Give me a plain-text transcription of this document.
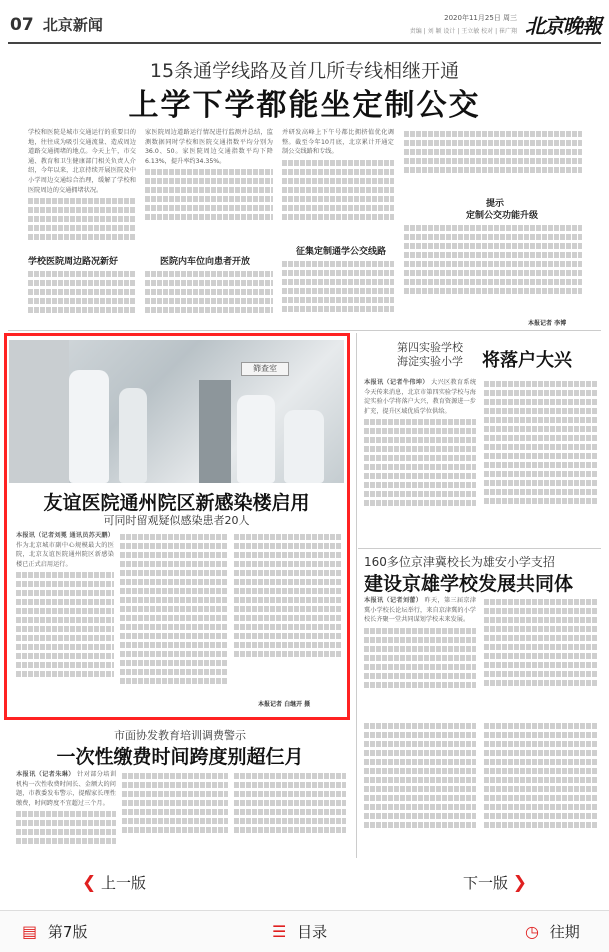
07 北京新闻	2020年11月25日 周三
责编 | 刘 颖 设计 | 王立敏 校对 | 崔广翔 北京晚報
15条通学线路及首几所专线相继开通
上学下学都能坐定制公交
学校和医院是城市交通运行的重要目的地，往往成为吸引交通流量、造成周边道路交通拥堵的地点。今天上午，市交通、教育和卫生健康部门相关负责人介绍，今年以来，北京持续开展医院及中小学周边交通综合治理，缓解了学校和医院周边的交通拥堵状况。
学校医院周边路况新好
家医院周边道路运行情况进行监测并总结，监测数据同时学校和医院交通指数平均分别为36.0、50。家医院周边交通指数平均下降6.13%，提升率约34.35%。
医院内车位向患者开放
并研发高峰上下午号都比拥挤值优化调整。截至今年10月底，北京累计开通定制公交线路和专线。
征集定制通学公交线路
提示
定制公交功能升级
本报记者 李博
筛查室
友谊医院通州院区新感染楼启用
可同时留观疑似感染患者20人
本报讯（记者刘冕 通讯员苏天鹏） 作为北京城市副中心规模最大的医院，北京友谊医院通州院区新感染楼已正式启用运行。
本报记者 白继开 摄
第四实验学校
海淀实验小学 将落户大兴
本报讯（记者牛伟坤） 大兴区教育系统今天传来消息，北京市第四实验学校与海淀实验小学将落户大兴，教育资源进一步扩充，提升区域优质学位供给。
160多位京津冀校长为雄安小学支招
建设京雄学校发展共同体
本报讯（记者刘蕾） 昨天，第三届京津冀小学校长论坛举行，来自京津冀的小学校长齐聚一堂共同谋划学校未来发展。
市面协发教育培训调费警示
一次性缴费时间跨度别超仨月
本报讯（记者朱琳） 针对部分培训机构一次性收费时间长、金额大的问题，市教委发布警示，提醒家长理性缴费，时间跨度不宜超过三个月。
❮ 上一版	下一版 ❯
▤ 第7版	☰ 目录	◷ 往期
